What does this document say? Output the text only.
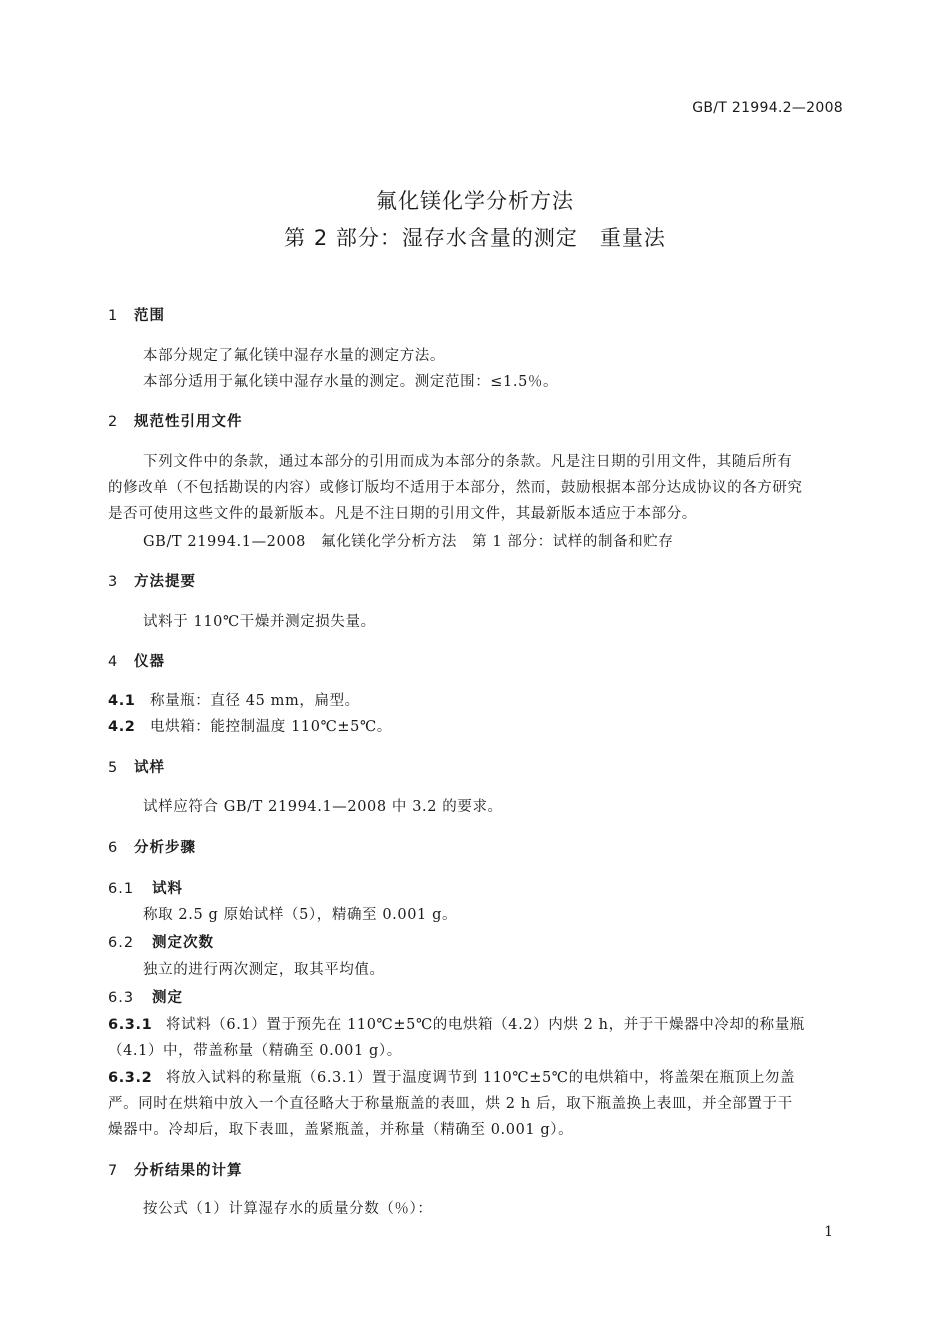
GB/T 21994.2—2008
氟化镁化学分析方法
第 2 部分：湿存水含量的测定　重量法
1 范围
本部分规定了氟化镁中湿存水量的测定方法。
本部分适用于氟化镁中湿存水量的测定。测定范围：≤1.5％。
2 规范性引用文件
下列文件中的条款，通过本部分的引用而成为本部分的条款。凡是注日期的引用文件，其随后所有
的修改单（不包括勘误的内容）或修订版均不适用于本部分，然而，鼓励根据本部分达成协议的各方研究
是否可使用这些文件的最新版本。凡是不注日期的引用文件，其最新版本适应于本部分。
GB/T 21994.1—2008　氟化镁化学分析方法　第 1 部分：试样的制备和贮存
3 方法提要
试料于 110℃干燥并测定损失量。
4 仪器
4.1 称量瓶：直径 45 mm，扁型。
4.2 电烘箱：能控制温度 110℃±5℃。
5 试样
试样应符合 GB/T 21994.1—2008 中 3.2 的要求。
6 分析步骤
6.1 试料
称取 2.5 g 原始试样（5），精确至 0.001 g。
6.2 测定次数
独立的进行两次测定，取其平均值。
6.3 测定
6.3.1 将试料（6.1）置于预先在 110℃±5℃的电烘箱（4.2）内烘 2 h，并于干燥器中冷却的称量瓶
（4.1）中，带盖称量（精确至 0.001 g）。
6.3.2 将放入试料的称量瓶（6.3.1）置于温度调节到 110℃±5℃的电烘箱中，将盖架在瓶顶上勿盖
严。同时在烘箱中放入一个直径略大于称量瓶盖的表皿，烘 2 h 后，取下瓶盖换上表皿，并全部置于干
燥器中。冷却后，取下表皿，盖紧瓶盖，并称量（精确至 0.001 g）。
7 分析结果的计算
按公式（1）计算湿存水的质量分数（％）：
1
